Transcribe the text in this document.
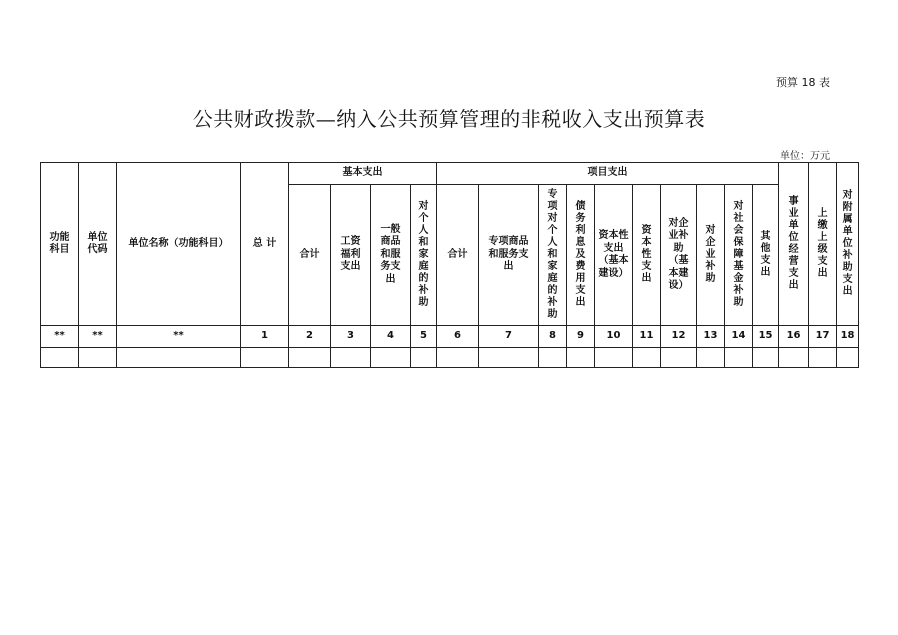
预算 18 表
公共财政拨款—纳入公共预算管理的非税收入支出预算表
单位：万元
功能科目	单位代码	单位名称（功能科目）	总 计	基本支出				项目支出										事业单位经营支出	上缴上级支出	对附属单位补助支出
				合计	工资福利支出	一般商品和服务支出	对个人和家庭的补助	合计	专项商品和服务支出	专项对个人和家庭的补助	债务利息及费用支出	资本性支出（基本建设）	资本性支出	对企业补助（基本建设）	对企业补助	对社会保障基金补助	其他支出			
**	**	**	1	2	3	4	5	6	7	8	9	10	11	12	13	14	15	16	17	18
